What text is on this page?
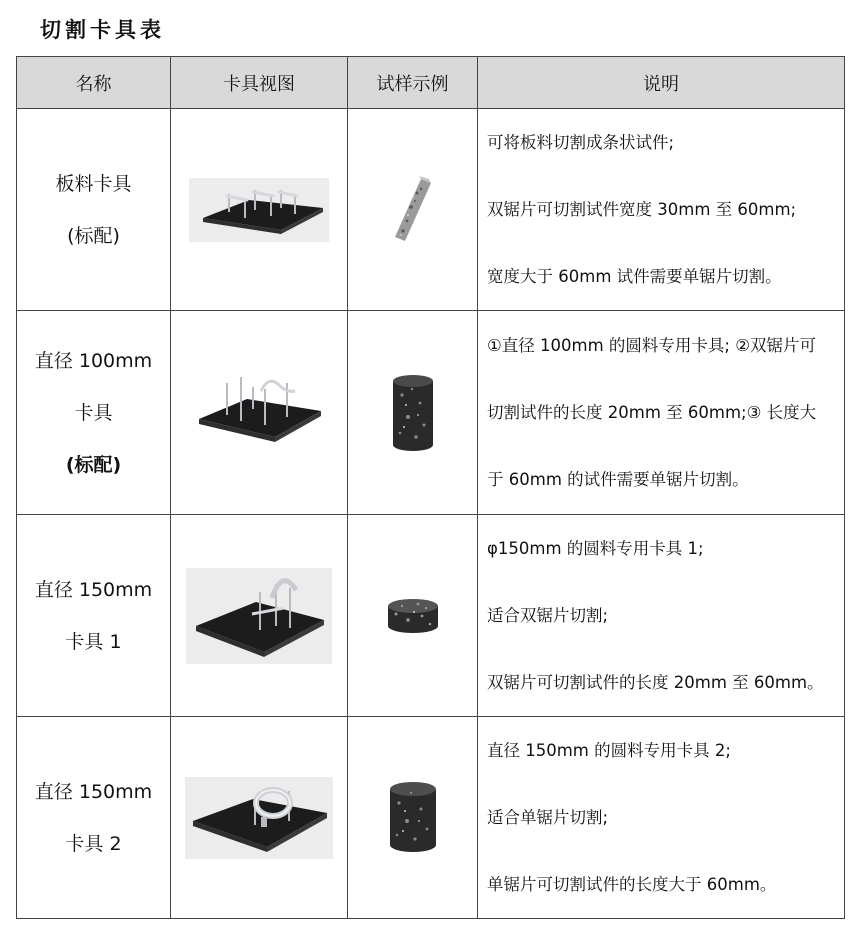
切割卡具表
名称	卡具视图	试样示例	说明

板料卡具
(标配)			可将板料切割成条状试件;
双锯片可切割试件宽度 30mm 至 60mm;
宽度大于 60mm 试件需要单锯片切割。

直径 100mm
卡具
(标配)			①直径 100mm 的圆料专用卡具; ②双锯片可
切割试件的长度 20mm 至 60mm;③ 长度大
于 60mm 的试件需要单锯片切割。

直径 150mm
卡具 1			φ150mm 的圆料专用卡具 1;
适合双锯片切割;
双锯片可切割试件的长度 20mm 至 60mm。

直径 150mm
卡具 2			直径 150mm 的圆料专用卡具 2;
适合单锯片切割;
单锯片可切割试件的长度大于 60mm。
